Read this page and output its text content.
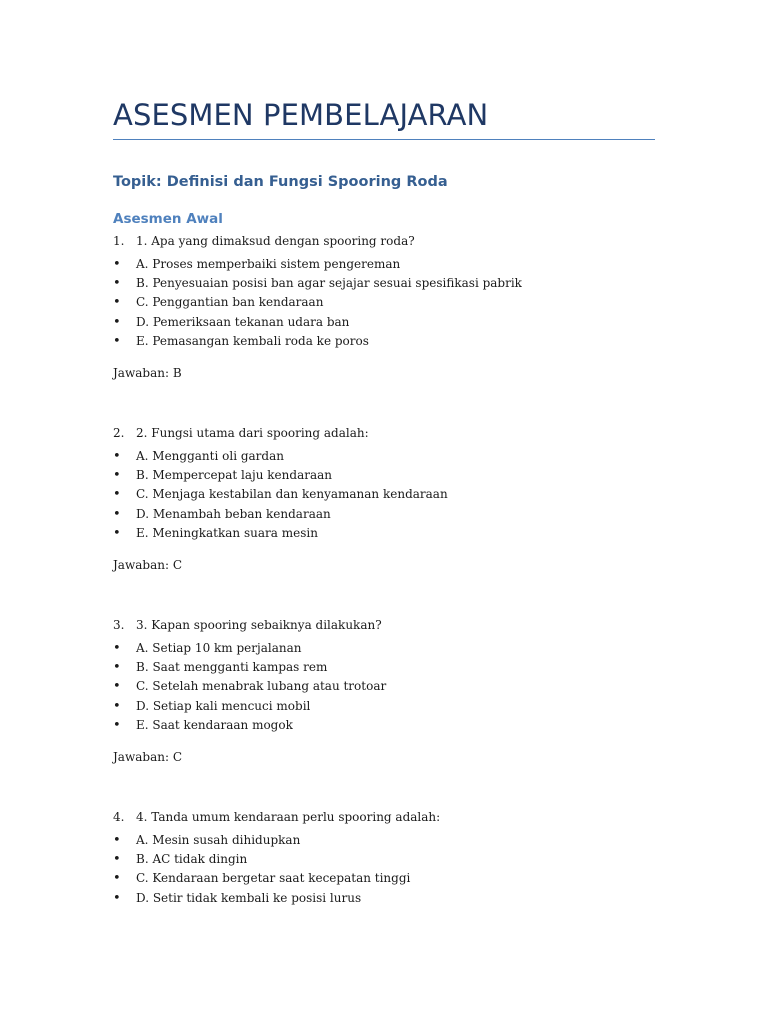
ASESMEN PEMBELAJARAN
Topik: Definisi dan Fungsi Spooring Roda
Asesmen Awal
1. 1. Apa yang dimaksud dengan spooring roda?
• A. Proses memperbaiki sistem pengereman
• B. Penyesuaian posisi ban agar sejajar sesuai spesifikasi pabrik
• C. Penggantian ban kendaraan
• D. Pemeriksaan tekanan udara ban
• E. Pemasangan kembali roda ke poros
Jawaban: B
2. 2. Fungsi utama dari spooring adalah:
• A. Mengganti oli gardan
• B. Mempercepat laju kendaraan
• C. Menjaga kestabilan dan kenyamanan kendaraan
• D. Menambah beban kendaraan
• E. Meningkatkan suara mesin
Jawaban: C
3. 3. Kapan spooring sebaiknya dilakukan?
• A. Setiap 10 km perjalanan
• B. Saat mengganti kampas rem
• C. Setelah menabrak lubang atau trotoar
• D. Setiap kali mencuci mobil
• E. Saat kendaraan mogok
Jawaban: C
4. 4. Tanda umum kendaraan perlu spooring adalah:
• A. Mesin susah dihidupkan
• B. AC tidak dingin
• C. Kendaraan bergetar saat kecepatan tinggi
• D. Setir tidak kembali ke posisi lurus
